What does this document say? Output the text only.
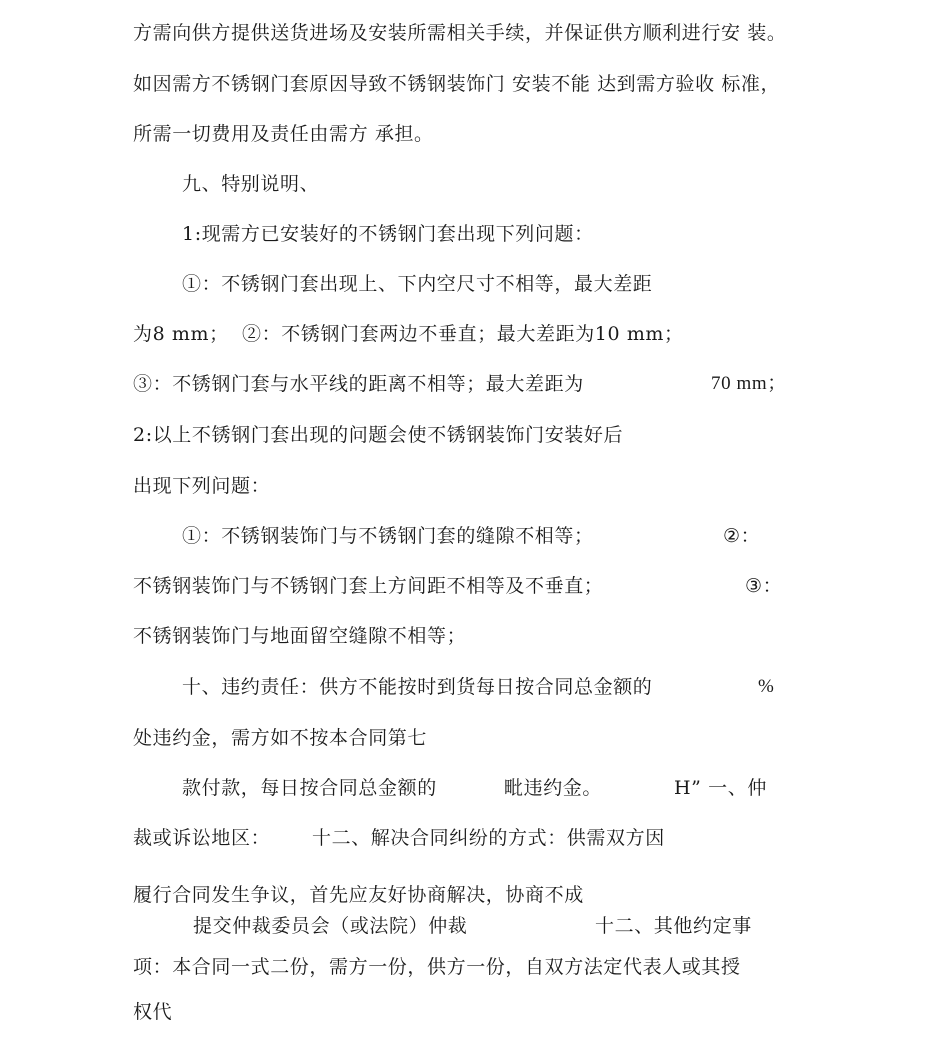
方需向供方提供送货进场及安装所需相关手续，并保证供方顺利进行安 装。
如因需方不锈钢门套原因导致不锈钢装饰门 安装不能 达到需方验收 标准，
所需一切费用及责任由需方 承担。
九、特别说明、
1:现需方已安装好的不锈钢门套出现下列问题：
①：不锈钢门套出现上、下内空尺寸不相等，最大差距
为8 mm； ②：不锈钢门套两边不垂直；最大差距为10 mm；
③：不锈钢门套与水平线的距离不相等；最大差距为	70 mm；
2:以上不锈钢门套出现的问题会使不锈钢装饰门安装好后
出现下列问题：
①：不锈钢装饰门与不锈钢门套的缝隙不相等；	②：
不锈钢装饰门与不锈钢门套上方间距不相等及不垂直；	③：
不锈钢装饰门与地面留空缝隙不相等；
十、违约责任：供方不能按时到货每日按合同总金额的	%
处违约金，需方如不按本合同第七
款付款，每日按合同总金额的	毗违约金。	H” 一、仲
裁或诉讼地区： 十二、解决合同纠纷的方式：供需双方因
履行合同发生争议，首先应友好协商解决，协商不成
提交仲裁委员会（或法院）仲裁	十二、其他约定事
项：本合同一式二份，需方一份，供方一份，自双方法定代表人或其授
权代
